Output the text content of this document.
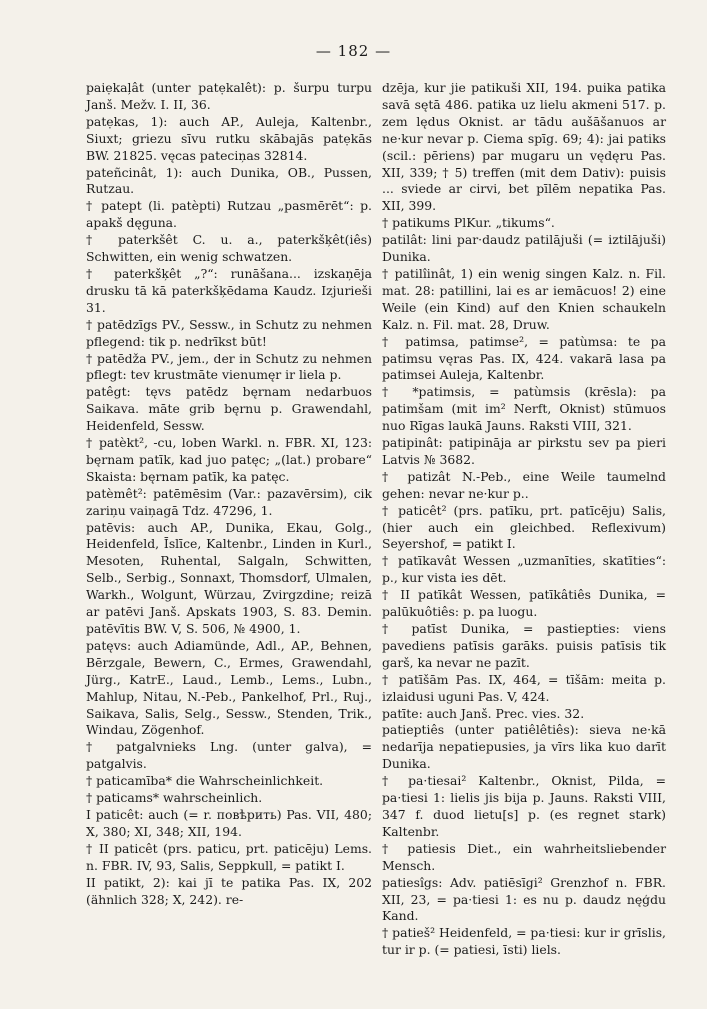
— 182 —
paiẹkaļât (unter patẹkalêt): p. šurpu turpu Janš. Mežv. I. II, 36.
patẹkas, 1): auch AP., Auleja, Kaltenbr., Siuxt; griezu sīvu rutku skābajās patẹkās BW. 21825. vęcas pateciņas 32814.
pateñcinât, 1): auch Dunika, OB., Pussen, Rutzau.
† patept (li. patèpti) Rutzau „pasmērēt“: p. apakš dęguna.
† paterkšêt C. u. a., paterkšķêt(iês) Schwitten, ein wenig schwatzen.
† paterkšķêt „?“: runāšana... izskaņēja drusku tā kā paterkšķēdama Kaudz. Izjurieši 31.
† patēdzīgs PV., Sessw., in Schutz zu nehmen pflegend: tik p. nedrīkst būt!
† patēdža PV., jem., der in Schutz zu nehmen pflegt: tev krustmāte vienumęr ir liela p.
patêgt: tęvs patēdz bęrnam nedarbuos Saikava. māte grib bęrnu p. Grawendahl, Heidenfeld, Sessw.
† patèkt², -cu, loben Warkl. n. FBR. XI, 123: bęrnam patīk, kad juo patęc; „(lat.) probare“ Skaista: bęrnam patīk, ka patęc.
patèmêt²: patēmēsim (Var.: pazavērsim), cik zariņu vaiņagā Tdz. 47296, 1.
patēvis: auch AP., Dunika, Ekau, Golg., Heidenfeld, Īslīce, Kaltenbr., Linden in Kurl., Mesoten, Ruhental, Salgaln, Schwitten, Selb., Serbig., Sonnaxt, Thomsdorf, Ulmalen, Warkh., Wolgunt, Würzau, Zvirgzdine; reizā ar patēvi Janš. Apskats 1903, S. 83. Demin. patēvītis BW. V, S. 506, № 4900, 1.
patęvs: auch Adiamünde, Adl., AP., Behnen, Bērzgale, Bewern, C., Ermes, Grawendahl, Jürg., KatrE., Laud., Lemb., Lems., Lubn., Mahlup, Nitau, N.-Peb., Pankelhof, Prl., Ruj., Saikava, Salis, Selg., Sessw., Stenden, Trik., Windau, Zögenhof.
† patgalvnieks Lng. (unter galva), = patgalvis.
† paticamība* die Wahrscheinlichkeit.
† paticams* wahrscheinlich.
I paticêt: auch (= r. повѣрить) Pas. VII, 480; X, 380; XI, 348; XII, 194.
† II paticêt (prs. paticu, prt. paticēju) Lems. n. FBR. IV, 93, Salis, Seppkull, = patikt I.
II patikt, 2): kai jī te patika Pas. IX, 202 (ähnlich 328; X, 242). re-
dzēja, kur jie patikuši XII, 194. puika patika savā sętā 486. patika uz lielu akmeni 517. p. zem lędus Oknist. ar tādu aušāšanuos ar ne·kur nevar p. Ciema spīg. 69; 4): jai patiks (scil.: pēriens) par mugaru un vędęru Pas. XII, 339; † 5) treffen (mit dem Dativ): puisis ... sviede ar cirvi, bet pīlēm nepatika Pas. XII, 399.
† patikums PlKur. „tikums“.
patilât: lini par·daudz patilājuši (= iztilājuši) Dunika.
† patilîinât, 1) ein wenig singen Kalz. n. Fil. mat. 28: patillini, lai es ar iemācuos! 2) eine Weile (ein Kind) auf den Knien schaukeln Kalz. n. Fil. mat. 28, Druw.
† patimsa, patimse², = patùmsa: te pa patimsu vęras Pas. IX, 424. vakarā lasa pa patimsei Auleja, Kaltenbr.
† *patimsis, = patùmsis (krēsla): pa patimšam (mit im² Nerft, Oknist) stūmuos nuo Rīgas laukā Jauns. Raksti VIII, 321.
patipinât: patipināja ar pirkstu sev pa pieri Latvis № 3682.
† patizât N.-Peb., eine Weile taumelnd gehen: nevar ne·kur p..
† paticêt² (prs. patīku, prt. patīcēju) Salis, (hier auch ein gleichbed. Reflexivum) Seyershof, = patikt I.
† patīkavât Wessen „uzmanīties, skatīties“: p., kur vista ies dēt.
† II patīkât Wessen, patīkâtiês Dunika, = palūkuôtiês: p. pa luogu.
† patīst Dunika, = pastiepties: viens pavediens patīsis garāks. puisis patīsis tik garš, ka nevar ne pazīt.
† patīšām Pas. IX, 464, = tīšām: meita p. izlaidusi uguni Pas. V, 424.
patīte: auch Janš. Prec. vies. 32.
patieptiês (unter patiêlêtiês): sieva ne·kā nedarīja nepatiepusies, ja vīrs lika kuo darīt Dunika.
† pa·tiesai² Kaltenbr., Oknist, Pilda, = pa·tiesi 1: lielis jis bija p. Jauns. Raksti VIII, 347 f. duod lietu[s] p. (es regnet stark) Kaltenbr.
† patiesis Diet., ein wahrheitsliebender Mensch.
patiesîgs: Adv. patiēsīgi² Grenzhof n. FBR. XII, 23, = pa·tiesi 1: es nu p. daudz nęģdu Kand.
† patieš² Heidenfeld, = pa·tiesi: kur ir grīslis, tur ir p. (= patiesi, īsti) liels.
